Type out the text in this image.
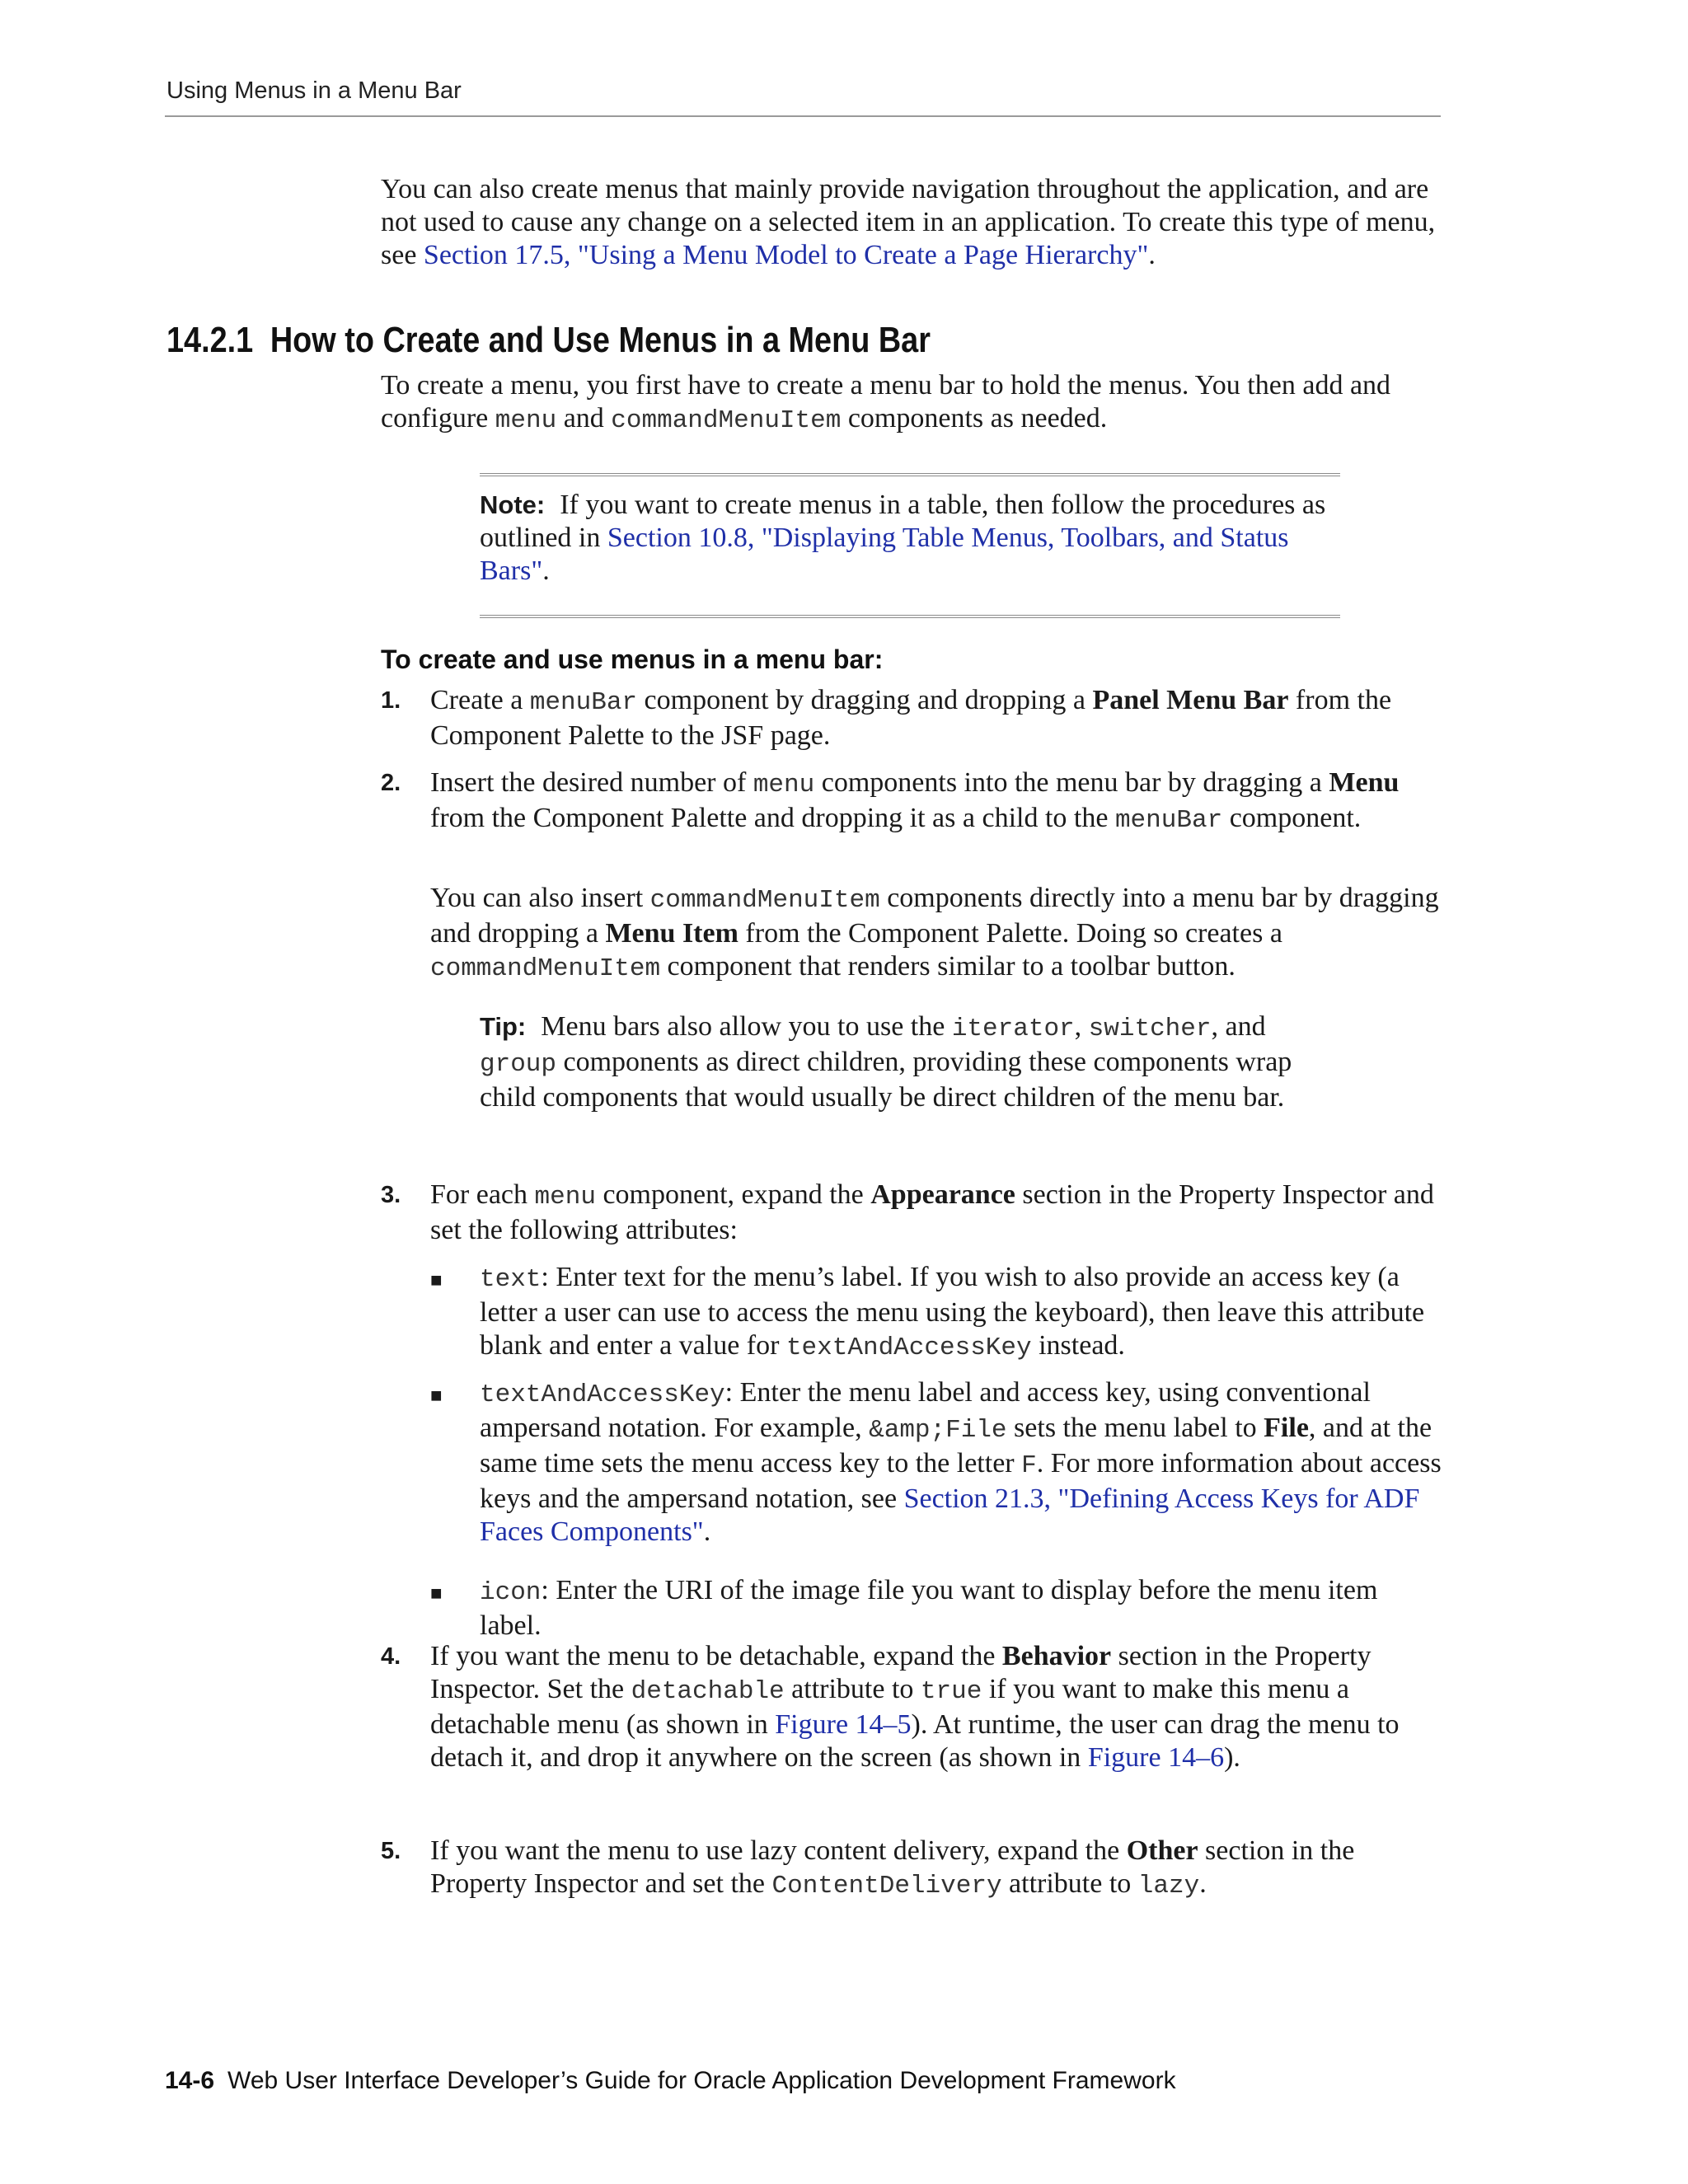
Using Menus in a Menu Bar

You can also create menus that mainly provide navigation throughout the application, and are not used to cause any change on a selected item in an application. To create this type of menu, see Section 17.5, "Using a Menu Model to Create a Page Hierarchy".

14.2.1 How to Create and Use Menus in a Menu Bar

To create a menu, you first have to create a menu bar to hold the menus. You then add and configure menu and commandMenuItem components as needed.

Note: If you want to create menus in a table, then follow the procedures as outlined in Section 10.8, "Displaying Table Menus, Toolbars, and Status Bars".

To create and use menus in a menu bar:
1. Create a menuBar component by dragging and dropping a Panel Menu Bar from the Component Palette to the JSF page.

2. Insert the desired number of menu components into the menu bar by dragging a Menu from the Component Palette and dropping it as a child to the menuBar component.

You can also insert commandMenuItem components directly into a menu bar by dragging and dropping a Menu Item from the Component Palette. Doing so creates a commandMenuItem component that renders similar to a toolbar button.

Tip: Menu bars also allow you to use the iterator, switcher, and group components as direct children, providing these components wrap child components that would usually be direct children of the menu bar.

3. For each menu component, expand the Appearance section in the Property Inspector and set the following attributes:

■ text: Enter text for the menu’s label. If you wish to also provide an access key (a letter a user can use to access the menu using the keyboard), then leave this attribute blank and enter a value for textAndAccessKey instead.

■ textAndAccessKey: Enter the menu label and access key, using conventional ampersand notation. For example, &amp;File sets the menu label to File, and at the same time sets the menu access key to the letter F. For more information about access keys and the ampersand notation, see Section 21.3, "Defining Access Keys for ADF Faces Components".

■ icon: Enter the URI of the image file you want to display before the menu item label.

4. If you want the menu to be detachable, expand the Behavior section in the Property Inspector. Set the detachable attribute to true if you want to make this menu a detachable menu (as shown in Figure 14–5). At runtime, the user can drag the menu to detach it, and drop it anywhere on the screen (as shown in Figure 14–6).

5. If you want the menu to use lazy content delivery, expand the Other section in the Property Inspector and set the ContentDelivery attribute to lazy.

14-6 Web User Interface Developer’s Guide for Oracle Application Development Framework
